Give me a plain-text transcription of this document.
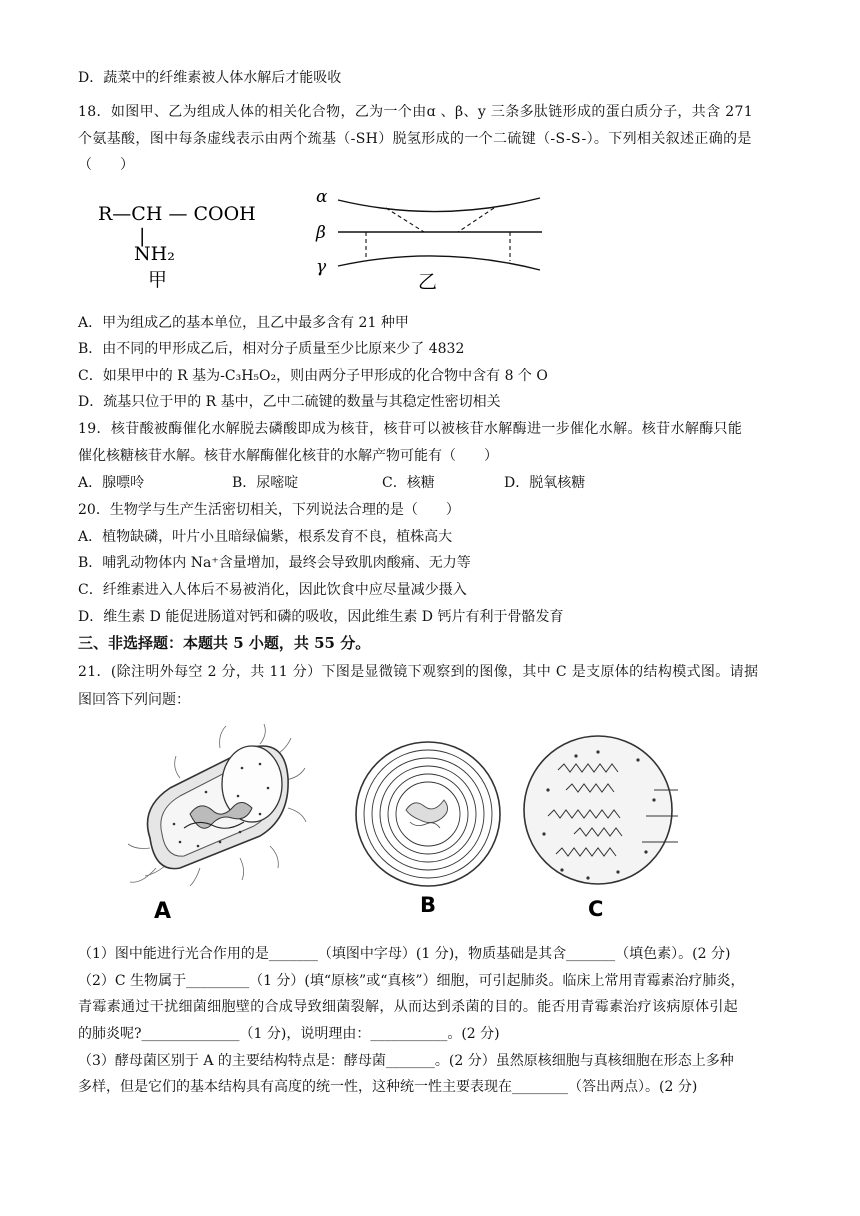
D．蔬菜中的纤维素被人体水解后才能吸收
18．如图甲、乙为组成人体的相关化合物，乙为一个由ɑ 、β、y 三条多肽链形成的蛋白质分子，共含 271
个氨基酸，图中每条虚线表示由两个巯基（-SH）脱氢形成的一个二硫键（-S-S-）。下列相关叙述正确的是
（　　）
R—CH — COOH
|
NH₂
甲
α
β
γ
乙
A．甲为组成乙的基本单位，且乙中最多含有 21 种甲
B．由不同的甲形成乙后，相对分子质量至少比原来少了 4832
C．如果甲中的 R 基为-C₃H₅O₂，则由两分子甲形成的化合物中含有 8 个 O
D．巯基只位于甲的 R 基中，乙中二硫键的数量与其稳定性密切相关
19．核苷酸被酶催化水解脱去磷酸即成为核苷，核苷可以被核苷水解酶进一步催化水解。核苷水解酶只能
催化核糖核苷水解。核苷水解酶催化核苷的水解产物可能有（　　）
A．腺嘌呤	B．尿嘧啶	C．核糖	D．脱氧核糖
20．生物学与生产生活密切相关，下列说法合理的是（　　）
A．植物缺磷，叶片小且暗绿偏紫，根系发育不良，植株高大
B．哺乳动物体内 Na⁺含量增加，最终会导致肌肉酸痛、无力等
C．纤维素进入人体后不易被消化，因此饮食中应尽量减少摄入
D．维生素 D 能促进肠道对钙和磷的吸收，因此维生素 D 钙片有利于骨骼发育
三、非选择题：本题共 5 小题，共 55 分。
21．(除注明外每空 2 分，共 11 分）下图是显微镜下观察到的图像，其中 C 是支原体的结构模式图。请据
图回答下列问题：
A	B	C
（1）图中能进行光合作用的是_______（填图中字母）(1 分)，物质基础是其含_______（填色素）。(2 分)
（2）C 生物属于_________（1 分）(填“原核”或“真核”）细胞，可引起肺炎。临床上常用青霉素治疗肺炎，
青霉素通过干扰细菌细胞壁的合成导致细菌裂解，从而达到杀菌的目的。能否用青霉素治疗该病原体引起
的肺炎呢?______________（1 分)，说明理由：___________。(2 分)
（3）酵母菌区别于 A 的主要结构特点是：酵母菌_______。(2 分）虽然原核细胞与真核细胞在形态上多种
多样，但是它们的基本结构具有高度的统一性，这种统一性主要表现在________（答出两点）。(2 分)
